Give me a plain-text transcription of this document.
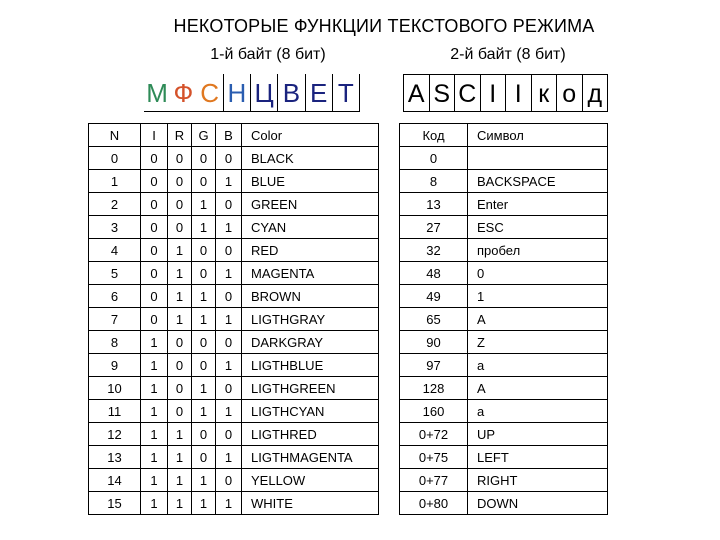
НЕКОТОРЫЕ ФУНКЦИИ ТЕКСТОВОГО РЕЖИМА
1-й байт (8 бит)	2-й байт (8 бит)
М Ф С Н Ц В Е Т А S C I I к о д
N	I	R	G	B	Color
0	0	0	0	0	BLACK
1	0	0	0	1	BLUE
2	0	0	1	0	GREEN
3	0	0	1	1	CYAN
4	0	1	0	0	RED
5	0	1	0	1	MAGENTA
6	0	1	1	0	BROWN
7	0	1	1	1	LIGTHGRAY
8	1	0	0	0	DARKGRAY
9	1	0	0	1	LIGTHBLUE
10	1	0	1	0	LIGTHGREEN
11	1	0	1	1	LIGTHCYAN
12	1	1	0	0	LIGTHRED
13	1	1	0	1	LIGTHMAGENTA
14	1	1	1	0	YELLOW
15	1	1	1	1	WHITE
Код	Символ
0	
8	BACKSPACE
13	Enter
27	ESC
32	пробел
48	0
49	1
65	A
90	Z
97	a
128	А
160	а
0+72	UP
0+75	LEFT
0+77	RIGHT
0+80	DOWN
